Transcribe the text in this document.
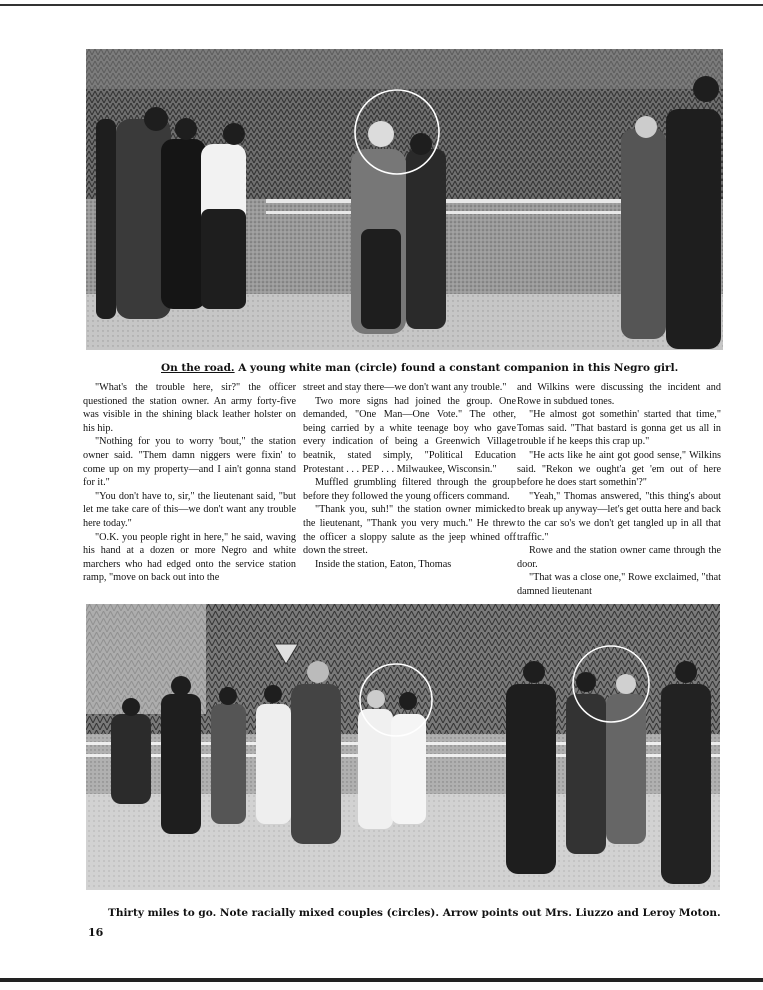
On the road. A young white man (circle) found a constant companion in this Negro girl.

"What's the trouble here, sir?" the officer questioned the station owner. An army forty-five was visible in the shining black leather holster on his hip.

"Nothing for you to worry 'bout," the station owner said. "Them damn niggers were fixin' to come up on my property—and I ain't gonna stand for it."

"You don't have to, sir," the lieutenant said, "but let me take care of this—we don't want any trouble here today."

"O.K. you people right in here," he said, waving his hand at a dozen or more Negro and white marchers who had edged onto the service station ramp, "move on back out into the

street and stay there—we don't want any trouble."

Two more signs had joined the group. One demanded, "One Man—One Vote." The other, being carried by a white teenage boy who gave every indication of being a Greenwich Village beatnik, stated simply, "Political Education Protestant . . . PEP . . . Milwaukee, Wisconsin."

Muffled grumbling filtered through the group before they followed the young officers command.

"Thank you, suh!" the station owner mimicked the lieutenant, "Thank you very much." He threw the officer a sloppy salute as the jeep whined off down the street.

Inside the station, Eaton, Thomas

and Wilkins were discussing the incident and Rowe in subdued tones.

"He almost got somethin' started that time," Tomas said. "That bastard is gonna get us all in trouble if he keeps this crap up."

"He acts like he aint got good sense," Wilkins said. "Rekon we ought'a get 'em out of here before he does start somethin'?"

"Yeah," Thomas answered, "this thing's about to break up anyway—let's get outta here and back to the car so's we don't get tangled up in all that traffic."

Rowe and the station owner came through the door.

"That was a close one," Rowe exclaimed, "that damned lieutenant

Thirty miles to go. Note racially mixed couples (circles). Arrow points out Mrs. Liuzzo and Leroy Moton.
16
